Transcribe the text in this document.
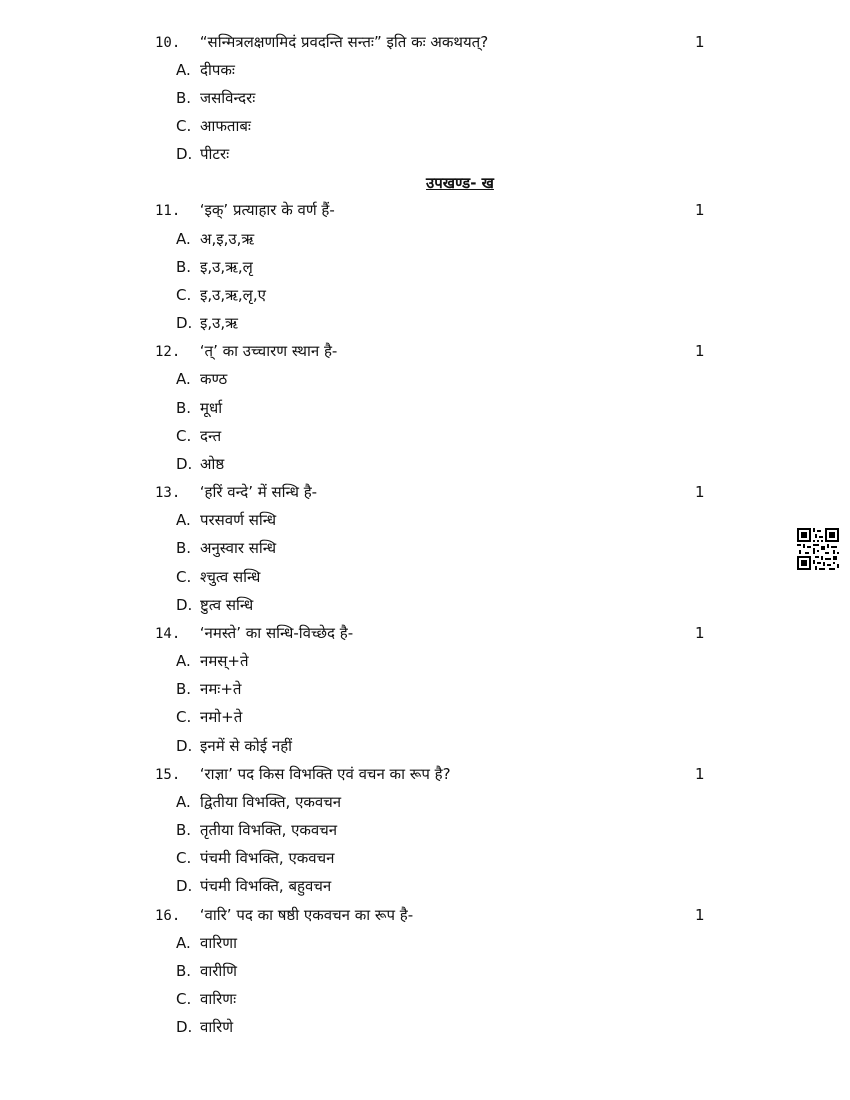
10. “सन्मित्रलक्षणमिदं प्रवदन्ति सन्तः” इति कः अकथयत्?	1
A. दीपकः
B. जसविन्दरः
C. आफताबः
D. पीटरः
उपखण्ड- ख
11. ‘इक्’ प्रत्याहार के वर्ण हैं-	1
A. अ,इ,उ,ऋ
B. इ,उ,ऋ,लृ
C. इ,उ,ऋ,लृ,ए
D. इ,उ,ऋ
12. ‘त्’ का उच्चारण स्थान है-	1
A. कण्ठ
B. मूर्धा
C. दन्त
D. ओष्ठ
13. ‘हरिं वन्दे’ में सन्धि है-	1
A. परसवर्ण सन्धि
B. अनुस्वार सन्धि
C. श्चुत्व सन्धि
D. ष्टुत्व सन्धि
14. ‘नमस्ते’ का सन्धि-विच्छेद है-	1
A. नमस्+ते
B. नमः+ते
C. नमो+ते
D. इनमें से कोई नहीं
15. ‘राज्ञा’ पद किस विभक्ति एवं वचन का रूप है?	1
A. द्वितीया विभक्ति, एकवचन
B. तृतीया विभक्ति, एकवचन
C. पंचमी विभक्ति, एकवचन
D. पंचमी विभक्ति, बहुवचन
16. ‘वारि’ पद का षष्ठी एकवचन का रूप है-	1
A. वारिणा
B. वारीणि
C. वारिणः
D. वारिणे
